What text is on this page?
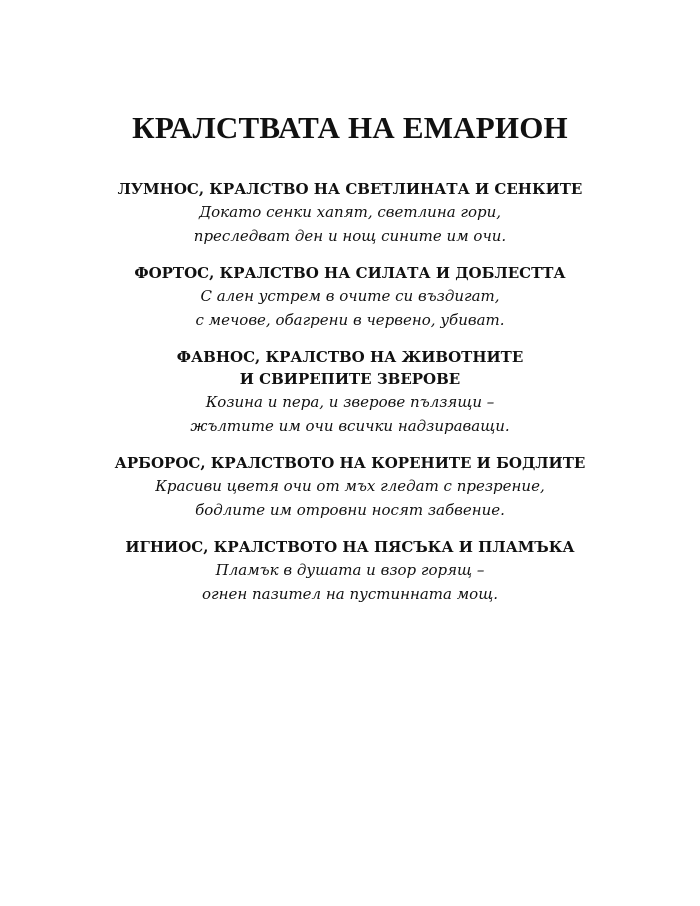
КРАЛСТВАТА НА ЕМАРИОН

ЛУМНОС, КРАЛСТВО НА СВЕТЛИНАТА И СЕНКИТЕ

Докато сенки хапят, светлина гори,

преследват ден и нощ сините им очи.

ФОРТОС, КРАЛСТВО НА СИЛАТА И ДОБЛЕСТТА

С ален устрем в очите си въздигат,

с мечове, обагрени в червено, убиват.

ФАВНОС, КРАЛСТВО НА ЖИВОТНИТЕ

И СВИРЕПИТЕ ЗВЕРОВЕ

Козина и пера, и зверове пълзящи –

жълтите им очи всички надзираващи.

АРБОРОС, КРАЛСТВОТО НА КОРЕНИТЕ И БОДЛИТЕ

Красиви цветя очи от мъх гледат с презрение,

бодлите им отровни носят забвение.

ИГНИОС, КРАЛСТВОТО НА ПЯСЪКА И ПЛАМЪКА

Пламък в душата и взор горящ –

огнен пазител на пустинната мощ.
